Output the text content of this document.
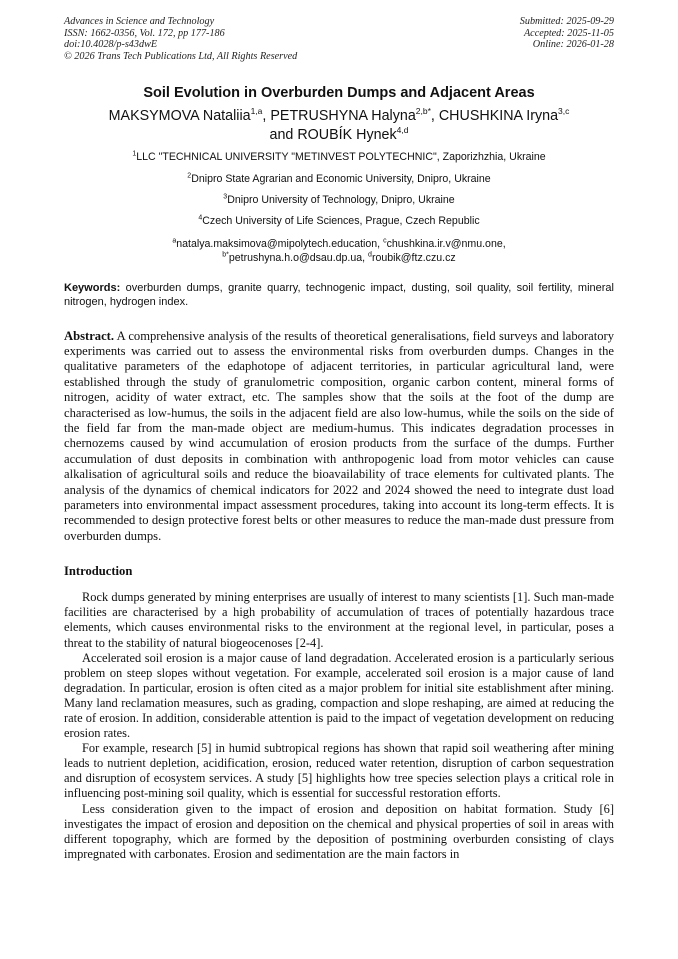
Advances in Science and Technology
ISSN: 1662-0356, Vol. 172, pp 177-186
doi:10.4028/p-s43dwE
© 2026 Trans Tech Publications Ltd, All Rights Reserved
Submitted: 2025-09-29
Accepted: 2025-11-05
Online: 2026-01-28
Soil Evolution in Overburden Dumps and Adjacent Areas
MAKSYMOVA Nataliia$^{1,a}$, PETRUSHYNA Halyna$^{2,b*}$, CHUSHKINA Iryna$^{3,c}$
and ROUBÍK Hynek$^{4,d}$
$^1$LLC "TECHNICAL UNIVERSITY "METINVEST POLYTECHNIC", Zaporizhzhia, Ukraine
$^2$Dnipro State Agrarian and Economic University, Dnipro, Ukraine
$^3$Dnipro University of Technology, Dnipro, Ukraine
$^4$Czech University of Life Sciences, Prague, Czech Republic
$^a$natalya.maksimova@mipolytech.education, $^c$chushkina.ir.v@nmu.one,
$^{b*}$petrushyna.h.o@dsau.dp.ua, $^d$roubik@ftz.czu.cz
Keywords: overburden dumps, granite quarry, technogenic impact, dusting, soil quality, soil fertility, mineral nitrogen, hydrogen index.
Abstract. A comprehensive analysis of the results of theoretical generalisations, field surveys and laboratory experiments was carried out to assess the environmental risks from overburden dumps. Changes in the qualitative parameters of the edaphotope of adjacent territories, in particular agricultural land, were established through the study of granulometric composition, organic carbon content, mineral forms of nitrogen, acidity of water extract, etc. The samples show that the soils at the foot of the dump are characterised as low-humus, the soils in the adjacent field are also low-humus, while the soils on the side of the field far from the man-made object are medium-humus. This indicates degradation processes in chernozems caused by wind accumulation of erosion products from the surface of the dumps. Further accumulation of dust deposits in combination with anthropogenic load from motor vehicles can cause alkalisation of agricultural soils and reduce the bioavailability of trace elements for cultivated plants. The analysis of the dynamics of chemical indicators for 2022 and 2024 showed the need to integrate dust load parameters into environmental impact assessment procedures, taking into account its long-term effects. It is recommended to design protective forest belts or other measures to reduce the man-made dust pressure from overburden dumps.
Introduction

Rock dumps generated by mining enterprises are usually of interest to many scientists [1]. Such man-made facilities are characterised by a high probability of accumulation of traces of potentially hazardous trace elements, which causes environmental risks to the environment at the regional level, in particular, poses a threat to the stability of natural biogeocenoses [2-4].

Accelerated soil erosion is a major cause of land degradation. Accelerated erosion is a particularly serious problem on steep slopes without vegetation. For example, accelerated soil erosion is a major cause of land degradation. In particular, erosion is often cited as a major problem for initial site establishment after mining. Many land reclamation measures, such as grading, compaction and slope reshaping, are aimed at reducing the rate of erosion. In addition, considerable attention is paid to the impact of vegetation development on reducing erosion rates.

For example, research [5] in humid subtropical regions has shown that rapid soil weathering after mining leads to nutrient depletion, acidification, erosion, reduced water retention, disruption of carbon sequestration and disruption of ecosystem services. A study [5] highlights how tree species selection plays a critical role in influencing post-mining soil quality, which is essential for successful restoration efforts.

Less consideration given to the impact of erosion and deposition on habitat formation. Study [6] investigates the impact of erosion and deposition on the chemical and physical properties of soil in areas with different topography, which are formed by the deposition of postmining overburden consisting of clays impregnated with carbonates. Erosion and sedimentation are the main factors in
